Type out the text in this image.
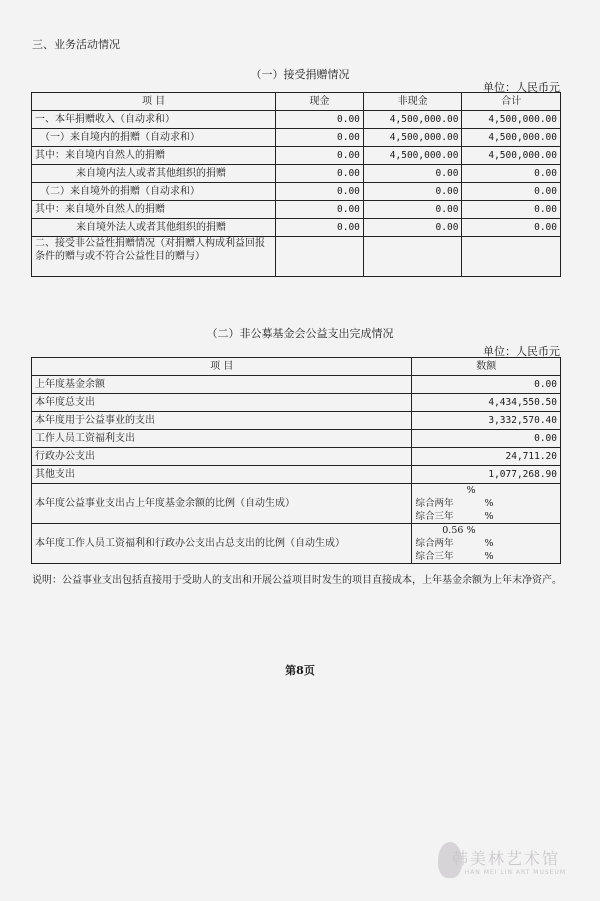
三、业务活动情况
（一）接受捐赠情况
单位：人民币元
项 目	现金	非现金	合计
一、本年捐赠收入（自动求和）	0.00	4,500,000.00	4,500,000.00
（一）来自境内的捐赠（自动求和）	0.00	4,500,000.00	4,500,000.00
其中：来自境内自然人的捐赠	0.00	4,500,000.00	4,500,000.00
来自境内法人或者其他组织的捐赠	0.00	0.00	0.00
（二）来自境外的捐赠（自动求和）	0.00	0.00	0.00
其中：来自境外自然人的捐赠	0.00	0.00	0.00
来自境外法人或者其他组织的捐赠	0.00	0.00	0.00
二、接受非公益性捐赠情况（对捐赠人构成利益回报条件的赠与或不符合公益性目的赠与）			
（二）非公募基金会公益支出完成情况
单位：人民币元
项 目	数额
上年度基金余额	0.00
本年度总支出	4,434,550.50
本年度用于公益事业的支出	3,332,570.40
工作人员工资福利支出	0.00
行政办公支出	24,711.20
其他支出	1,077,268.90
本年度公益事业支出占上年度基金余额的比例（自动生成）	%
综合两年 %
综合三年 %

本年度工作人员工资福利和行政办公支出占总支出的比例（自动生成）	0.56 %
综合两年 %
综合三年 %
说明：公益事业支出包括直接用于受助人的支出和开展公益项目时发生的项目直接成本，上年基金余额为上年末净资产。
第8页
韩美林艺术馆
HAN MEI LIN ART MUSEUM
